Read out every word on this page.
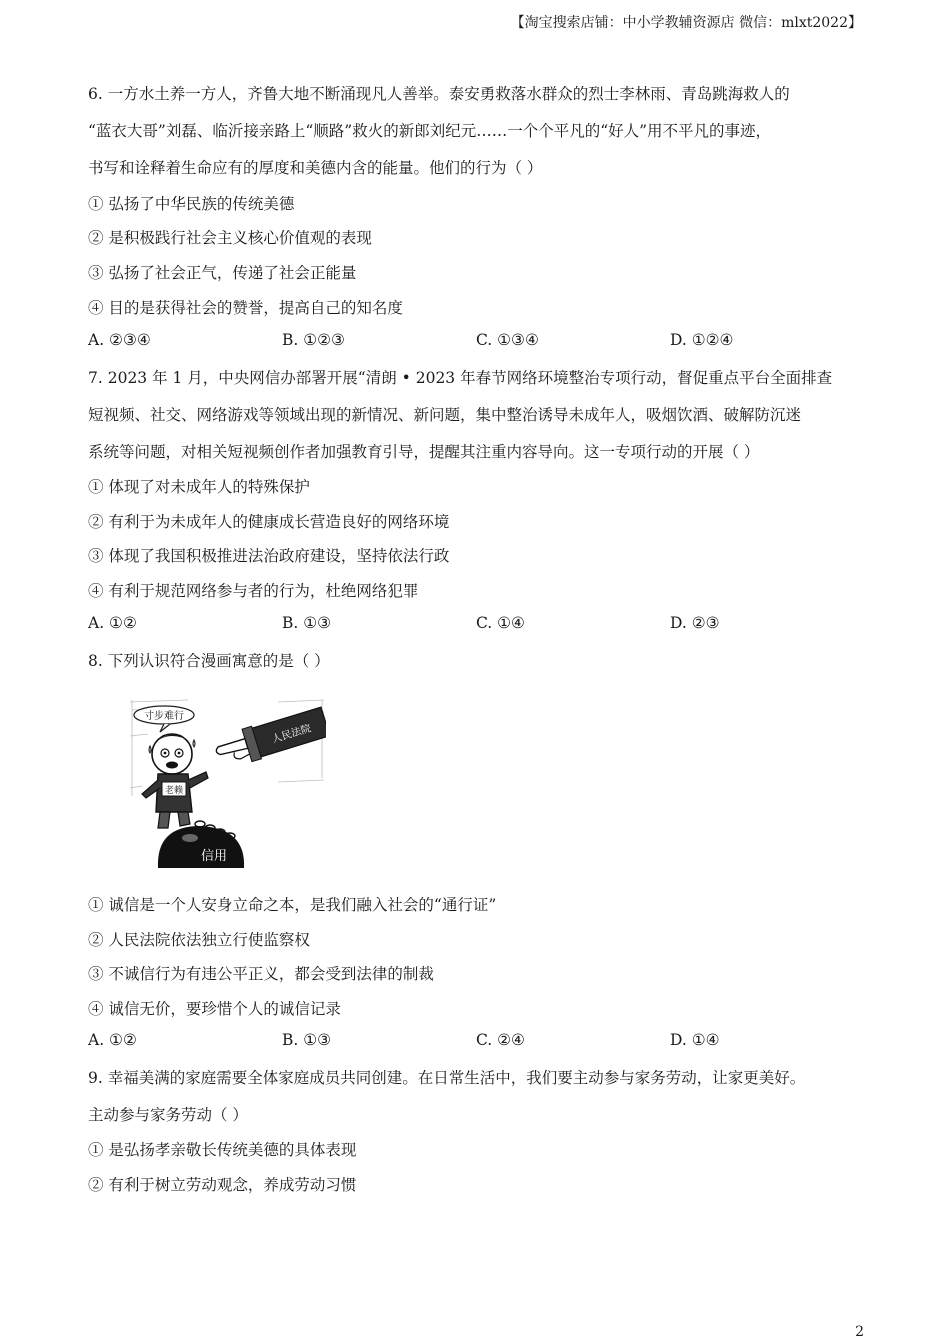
【淘宝搜索店铺：中小学教辅资源店 微信：mlxt2022】
6. 一方水土养一方人，齐鲁大地不断涌现凡人善举。泰安勇救落水群众的烈士李林雨、青岛跳海救人的
“蓝衣大哥”刘磊、临沂接亲路上“顺路”救火的新郎刘纪元……一个个平凡的“好人”用不平凡的事迹，
书写和诠释着生命应有的厚度和美德内含的能量。他们的行为（ ）
① 弘扬了中华民族的传统美德
② 是积极践行社会主义核心价值观的表现
③ 弘扬了社会正气，传递了社会正能量
④ 目的是获得社会的赞誉，提高自己的知名度
A. ②③④	B. ①②③	C. ①③④	D. ①②④
7. 2023 年 1 月，中央网信办部署开展“清朗 • 2023 年春节网络环境整治专项行动，督促重点平台全面排查
短视频、社交、网络游戏等领域出现的新情况、新问题，集中整治诱导未成年人，吸烟饮酒、破解防沉迷
系统等问题，对相关短视频创作者加强教育引导，提醒其注重内容导向。这一专项行动的开展（ ）
① 体现了对未成年人的特殊保护
② 有利于为未成年人的健康成长营造良好的网络环境
③ 体现了我国积极推进法治政府建设，坚持依法行政
④ 有利于规范网络参与者的行为，杜绝网络犯罪
A. ①②	B. ①③	C. ①④	D. ②③
8. 下列认识符合漫画寓意的是（ ）
寸步难行
人民法院
老赖
信用
① 诚信是一个人安身立命之本，是我们融入社会的“通行证”
② 人民法院依法独立行使监察权
③ 不诚信行为有违公平正义，都会受到法律的制裁
④ 诚信无价，要珍惜个人的诚信记录
A. ①②	B. ①③	C. ②④	D. ①④
9. 幸福美满的家庭需要全体家庭成员共同创建。在日常生活中，我们要主动参与家务劳动，让家更美好。
主动参与家务劳动（ ）
① 是弘扬孝亲敬长传统美德的具体表现
② 有利于树立劳动观念，养成劳动习惯
2
